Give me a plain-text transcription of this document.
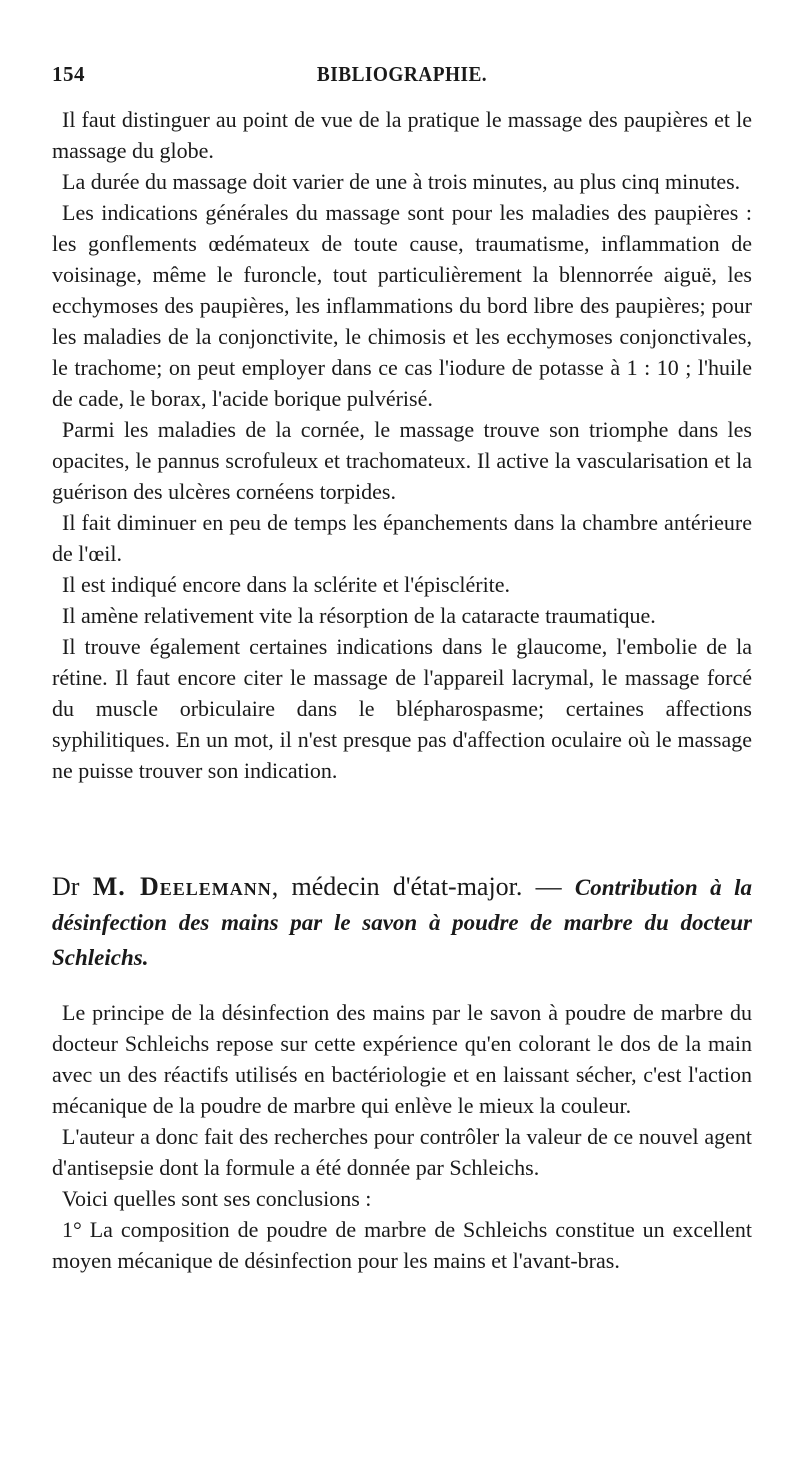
154	BIBLIOGRAPHIE.

Il faut distinguer au point de vue de la pratique le massage des paupières et le massage du globe.

La durée du massage doit varier de une à trois minutes, au plus cinq minutes.

Les indications générales du massage sont pour les maladies des paupières : les gonflements œdémateux de toute cause, traumatisme, inflammation de voisinage, même le furoncle, tout particulièrement la blennorrée aiguë, les ecchymoses des paupières, les inflammations du bord libre des paupières; pour les maladies de la conjonctivite, le chimosis et les ecchymoses conjonctivales, le trachome; on peut employer dans ce cas l'iodure de potasse à 1 : 10 ; l'huile de cade, le borax, l'acide borique pulvérisé.

Parmi les maladies de la cornée, le massage trouve son triomphe dans les opacites, le pannus scrofuleux et trachomateux. Il active la vascularisation et la guérison des ulcères cornéens torpides.

Il fait diminuer en peu de temps les épanchements dans la chambre antérieure de l'œil.

Il est indiqué encore dans la sclérite et l'épisclérite.

Il amène relativement vite la résorption de la cataracte traumatique.

Il trouve également certaines indications dans le glaucome, l'embolie de la rétine. Il faut encore citer le massage de l'appareil lacrymal, le massage forcé du muscle orbiculaire dans le blépharospasme; certaines affections syphilitiques. En un mot, il n'est presque pas d'affection oculaire où le massage ne puisse trouver son indication.

Dr M. Deelemann, médecin d'état-major. — Contribution à la désinfection des mains par le savon à poudre de marbre du docteur Schleichs.

Le principe de la désinfection des mains par le savon à poudre de marbre du docteur Schleichs repose sur cette expérience qu'en colorant le dos de la main avec un des réactifs utilisés en bactériologie et en laissant sécher, c'est l'action mécanique de la poudre de marbre qui enlève le mieux la couleur.

L'auteur a donc fait des recherches pour contrôler la valeur de ce nouvel agent d'antisepsie dont la formule a été donnée par Schleichs.

Voici quelles sont ses conclusions :

1° La composition de poudre de marbre de Schleichs constitue un excellent moyen mécanique de désinfection pour les mains et l'avant-bras.
